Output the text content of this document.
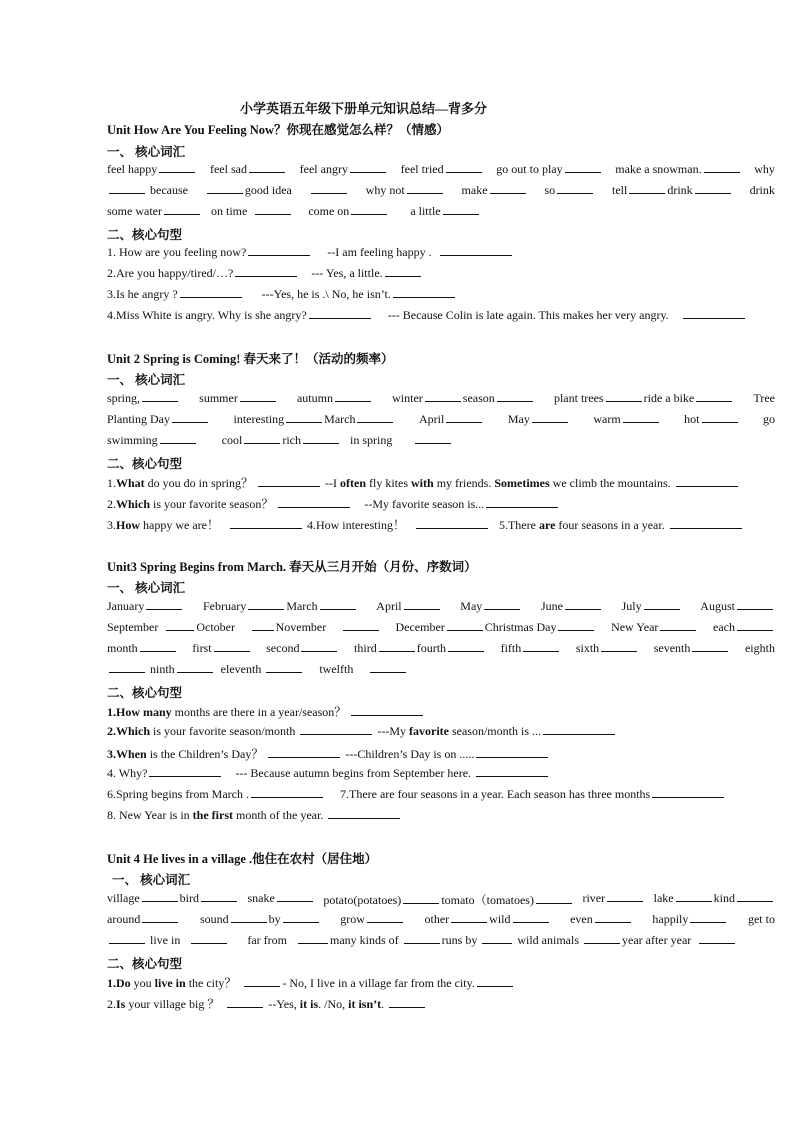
小学英语五年级下册单元知识总结—背多分
Unit How Are You Feeling Now？你现在感觉怎么样？（情感）
一、 核心词汇
feel happy	feel sad	feel angry	feel tried	go out to play	make a snowman.	why
because	good idea	why not	make	so	tell	drink	drink
some water	on time	come on	a little
二、核心句型
1. How are you feeling now?	--I am feeling happy .
2.Are you happy/tired/…?	--- Yes, a little.
3.Is he angry ?	---Yes, he is .\ No, he isn’t.
4.Miss White is angry. Why is she angry?	--- Because Colin is late again. This makes her very angry.
Unit 2 Spring is Coming! 春天来了！（活动的频率）
一、 核心词汇
spring,	summer	autumn	winter	season	plant trees	ride a bike	Tree
Planting Day	interesting	March	April	May	warm	hot	go
swimming	cool	rich	in spring
二、核心句型
1.What do you do in spring？	--I often fly kites with my friends. Sometimes we climb the mountains.
2.Which is your favorite season？	--My favorite season is...
3.How happy we are！	4.How interesting！	5.There are four seasons in a year.
Unit3 Spring Begins from March. 春天从三月开始（月份、序数词）
一、 核心词汇
January	February	March	April	May	June	July	August
September	October	November	December	Christmas Day	New Year	each
month	first	second	third	fourth	fifth	sixth	seventh	eighth
ninth	eleventh	twelfth
二、核心句型
1.How many months are there in a year/season？
2.Which is your favorite season/month	---My favorite season/month is ...
3.When is the Children’s Day？	---Children’s Day is on .....
4. Why?	--- Because autumn begins from September here.
6.Spring begins from March .	7.There are four seasons in a year. Each season has three months
8. New Year is in the first month of the year.
Unit 4 He lives in a village .他住在农村（居住地）
一、 核心词汇
village	bird	snake	potato(potatoes)	tomato（tomatoes)	river	lake	kind
around	sound	by	grow	other	wild	even	happily	get to
live in	far from	many kinds of	runs by	wild animals	year after year
二、核心句型
1.Do you live in the city？	- No, I live in a village far from the city.
2.Is your village big ？	--Yes, it is. /No, it isn’t.
